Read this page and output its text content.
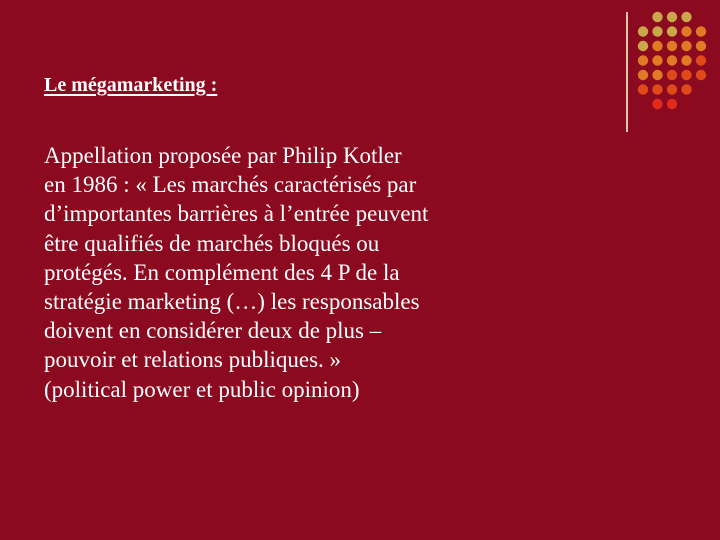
Le mégamarketing :

Appellation proposée par Philip Kotler
en 1986 : « Les marchés caractérisés par
d’importantes barrières à l’entrée peuvent
être qualifiés de marchés bloqués ou
protégés. En complément des 4 P de la
stratégie marketing (…) les responsables
doivent en considérer deux de plus –
pouvoir et relations publiques. »
(political power et public opinion)
